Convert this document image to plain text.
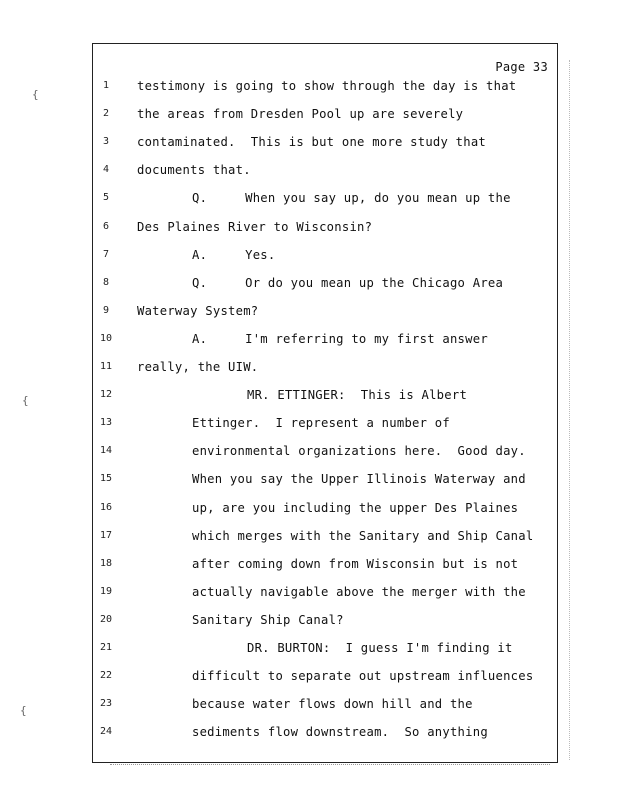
Page 33
{
{
{
1	testimony is going to show through the day is that
2	the areas from Dresden Pool up are severely
3	contaminated.  This is but one more study that
4	documents that.
5	Q.     When you say up, do you mean up the
6	Des Plaines River to Wisconsin?
7	A.     Yes.
8	Q.     Or do you mean up the Chicago Area
9	Waterway System?
10	A.     I'm referring to my first answer
11	really, the UIW.
12	MR. ETTINGER:  This is Albert
13	Ettinger.  I represent a number of
14	environmental organizations here.  Good day.
15	When you say the Upper Illinois Waterway and
16	up, are you including the upper Des Plaines
17	which merges with the Sanitary and Ship Canal
18	after coming down from Wisconsin but is not
19	actually navigable above the merger with the
20	Sanitary Ship Canal?
21	DR. BURTON:  I guess I'm finding it
22	difficult to separate out upstream influences
23	because water flows down hill and the
24	sediments flow downstream.  So anything
